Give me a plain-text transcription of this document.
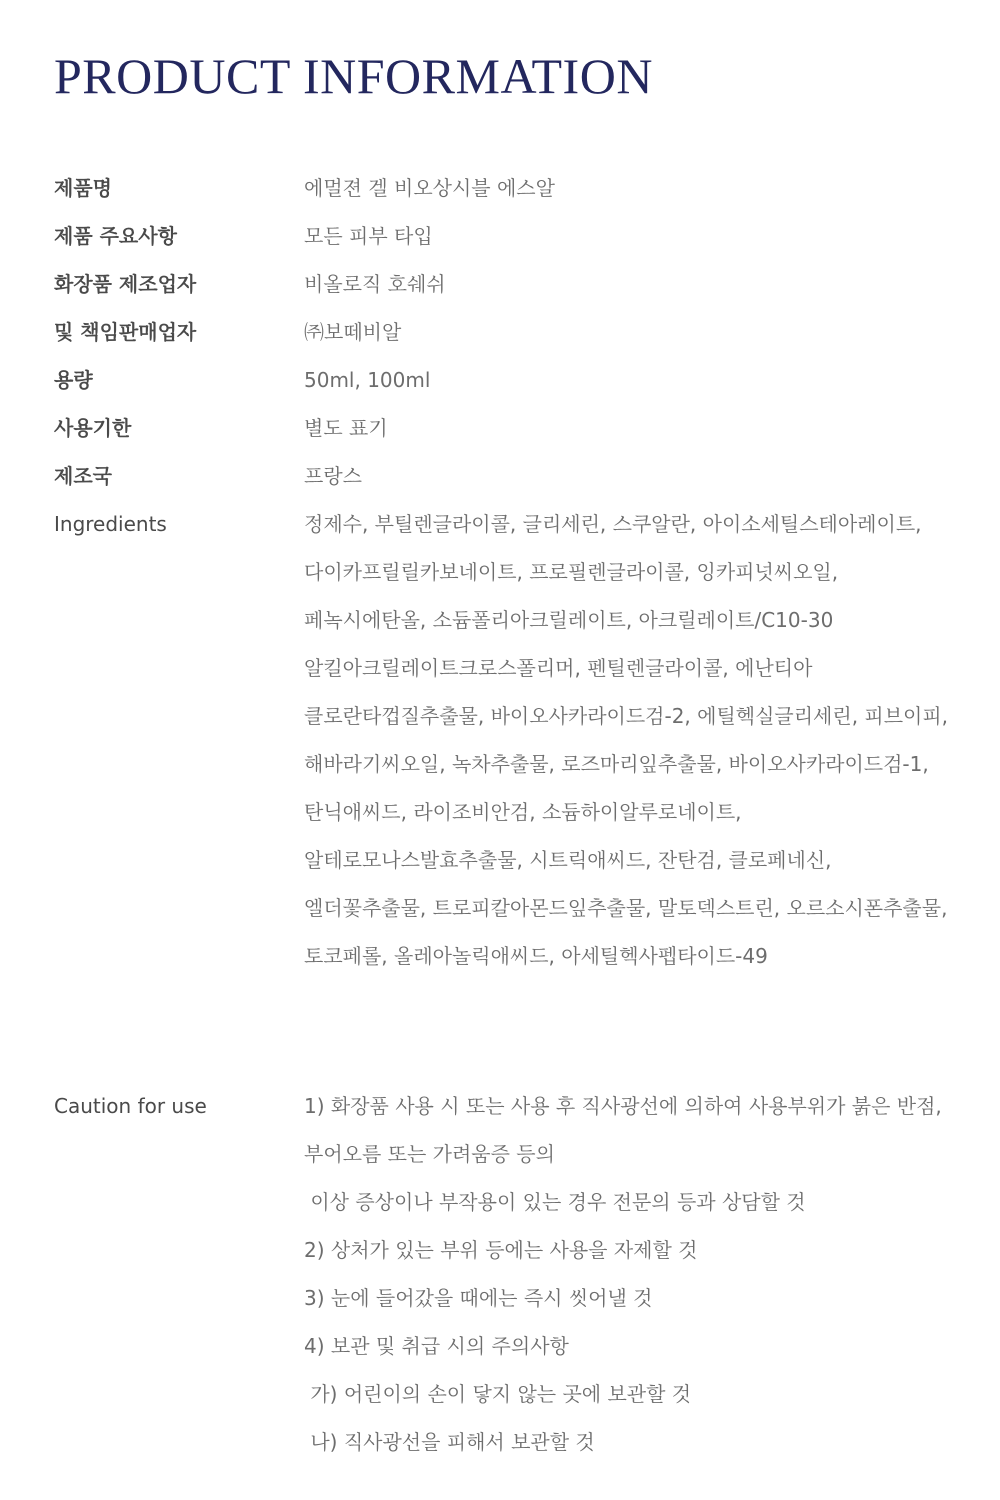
PRODUCT INFORMATION
제품명	에멀젼 겔 비오상시블 에스알
제품 주요사항	모든 피부 타입
화장품 제조업자	비올로직 호쉐쉬
및 책임판매업자	㈜보떼비알
용량	50ml, 100ml
사용기한	별도 표기
제조국	프랑스
Ingredients	정제수, 부틸렌글라이콜, 글리세린, 스쿠알란, 아이소세틸스테아레이트,
다이카프릴릴카보네이트, 프로필렌글라이콜, 잉카피넛씨오일,
페녹시에탄올, 소듐폴리아크릴레이트, 아크릴레이트/C10-30
알킬아크릴레이트크로스폴리머, 펜틸렌글라이콜, 에난티아
클로란타껍질추출물, 바이오사카라이드검-2, 에틸헥실글리세린, 피브이피,
해바라기씨오일, 녹차추출물, 로즈마리잎추출물, 바이오사카라이드검-1,
탄닉애씨드, 라이조비안검, 소듐하이알루로네이트,
알테로모나스발효추출물, 시트릭애씨드, 잔탄검, 클로페네신,
엘더꽃추출물, 트로피칼아몬드잎추출물, 말토덱스트린, 오르소시폰추출물,
토코페롤, 올레아놀릭애씨드, 아세틸헥사펩타이드-49
Caution for use	1) 화장품 사용 시 또는 사용 후 직사광선에 의하여 사용부위가 붉은 반점,
부어오름 또는 가려움증 등의
이상 증상이나 부작용이 있는 경우 전문의 등과 상담할 것
2) 상처가 있는 부위 등에는 사용을 자제할 것
3) 눈에 들어갔을 때에는 즉시 씻어낼 것
4) 보관 및 취급 시의 주의사항
가) 어린이의 손이 닿지 않는 곳에 보관할 것
나) 직사광선을 피해서 보관할 것
